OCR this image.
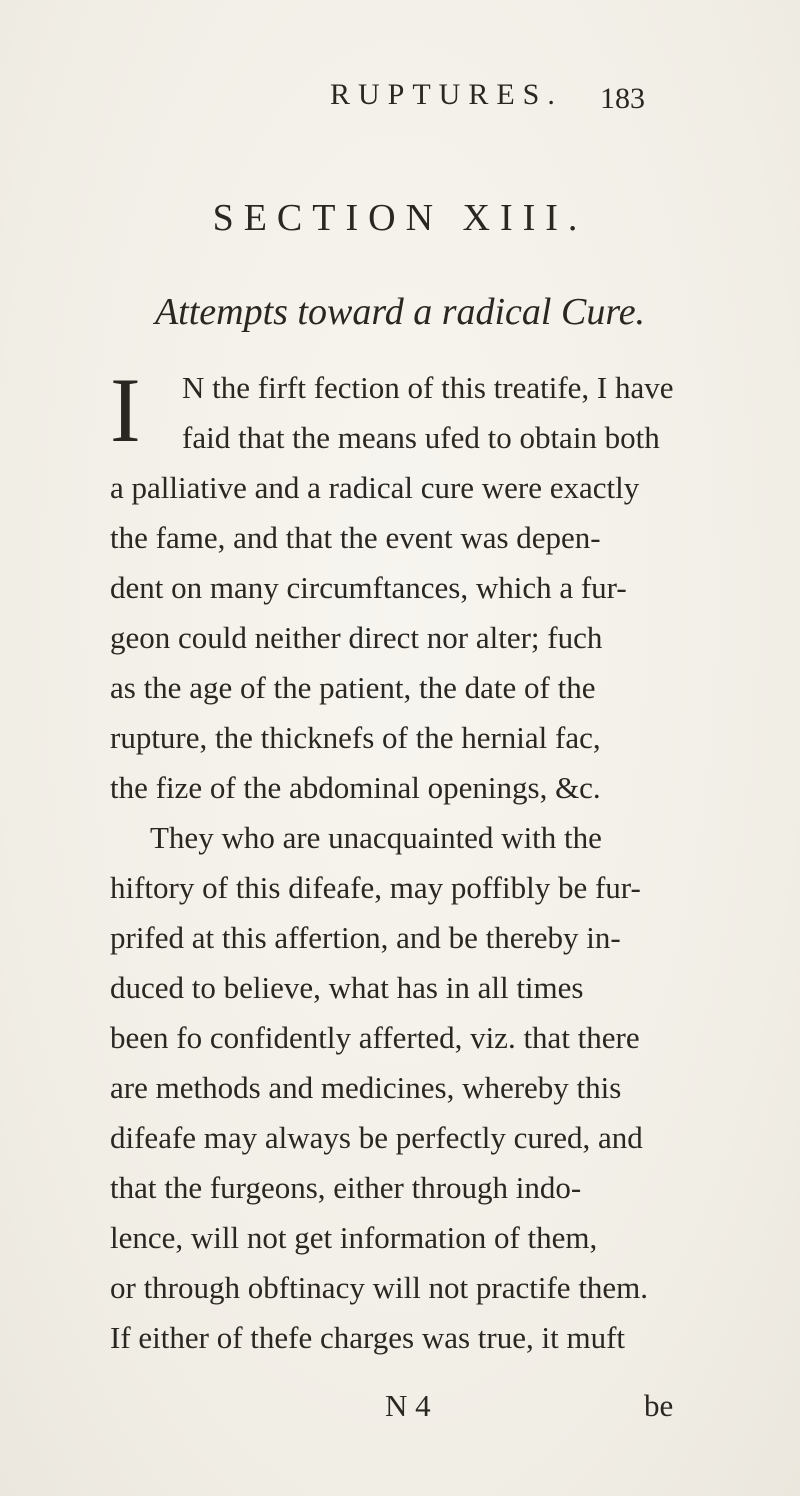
RUPTURES. 183
SECTION XIII.
Attempts toward a radical Cure.
I N the firft fection of this treatife, I have
faid that the means ufed to obtain both
a palliative and a radical cure were exactly
the fame, and that the event was depen-
dent on many circumftances, which a fur-
geon could neither direct nor alter; fuch
as the age of the patient, the date of the
rupture, the thicknefs of the hernial fac,
the fize of the abdominal openings, &c.
They who are unacquainted with the
hiftory of this difeafe, may poffibly be fur-
prifed at this affertion, and be thereby in-
duced to believe, what has in all times
been fo confidently afferted, viz. that there
are methods and medicines, whereby this
difeafe may always be perfectly cured, and
that the furgeons, either through indo-
lence, will not get information of them,
or through obftinacy will not practife them.
If either of thefe charges was true, it muft
N 4	be
